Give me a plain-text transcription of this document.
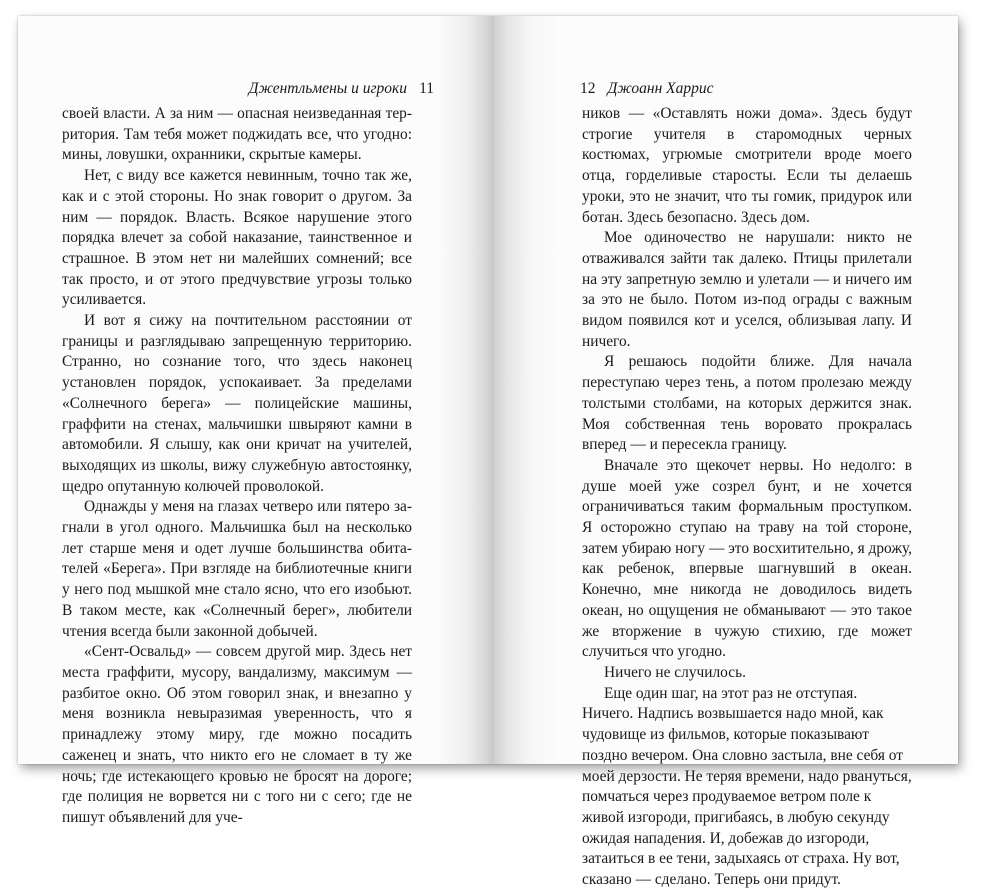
Джентльмены и игроки 11

своей власти. А за ним — опасная неизведанная территория. Там тебя может поджидать все, что угодно: мины, ловушки, охранники, скрытые камеры.

Нет, с виду все кажется невинным, точно так же, как и с этой стороны. Но знак говорит о другом. За ним — порядок. Власть. Всякое нарушение этого порядка влечет за собой наказание, таинственное и страшное. В этом нет ни малейших сомнений; все так просто, и от этого предчувствие угрозы только усиливается.

И вот я сижу на почтительном расстоянии от границы и разглядываю запрещенную территорию. Странно, но сознание того, что здесь наконец установлен порядок, успокаивает. За пределами «Солнечного берега» — полицейские машины, граффити на стенах, мальчишки швыряют камни в автомобили. Я слышу, как они кричат на учителей, выходящих из школы, вижу служебную автостоянку, щедро опутанную колючей проволокой.

Однажды у меня на глазах четверо или пятеро загнали в угол одного. Мальчишка был на несколько лет старше меня и одет лучше большинства обитателей «Берега». При взгляде на библиотечные книги у него под мышкой мне стало ясно, что его изобьют. В таком месте, как «Солнечный берег», любители чтения всегда были законной добычей.

«Сент-Освальд» — совсем другой мир. Здесь нет места граффити, мусору, вандализму, максимум — разбитое окно. Об этом говорил знак, и внезапно у меня возникла невыразимая уверенность, что я принадлежу этому миру, где можно посадить саженец и знать, что никто его не сломает в ту же ночь; где истекающего кровью не бросят на дороге; где полиция не ворвется ни с того ни с сего; где не пишут объявлений для уче-

12 Джоанн Харрис

ников — «Оставлять ножи дома». Здесь будут строгие учителя в старомодных черных костюмах, угрюмые смотрители вроде моего отца, горделивые старосты. Если ты делаешь уроки, это не значит, что ты гомик, придурок или ботан. Здесь безопасно. Здесь дом.

Мое одиночество не нарушали: никто не отваживался зайти так далеко. Птицы прилетали на эту запретную землю и улетали — и ничего им за это не было. Потом из-под ограды с важным видом появился кот и уселся, облизывая лапу. И ничего.

Я решаюсь подойти ближе. Для начала переступаю через тень, а потом пролезаю между толстыми столбами, на которых держится знак. Моя собственная тень воровато прокралась вперед — и пересекла границу.

Вначале это щекочет нервы. Но недолго: в душе моей уже созрел бунт, и не хочется ограничиваться таким формальным проступком. Я осторожно ступаю на траву на той стороне, затем убираю ногу — это восхитительно, я дрожу, как ребенок, впервые шагнувший в океан. Конечно, мне никогда не доводилось видеть океан, но ощущения не обманывают — это такое же вторжение в чужую стихию, где может случиться что угодно.

Ничего не случилось.

Еще один шаг, на этот раз не отступая. Ничего. Надпись возвышается надо мной, как чудовище из фильмов, которые показывают поздно вечером. Она словно застыла, вне себя от моей дерзости. Не теряя времени, надо рвануться, помчаться через продуваемое ветром поле к живой изгороди, пригибаясь, в любую секунду ожидая нападения. И, добежав до изгороди, затаиться в ее тени, задыхаясь от страха. Ну вот, сказано — сделано. Теперь они придут.
